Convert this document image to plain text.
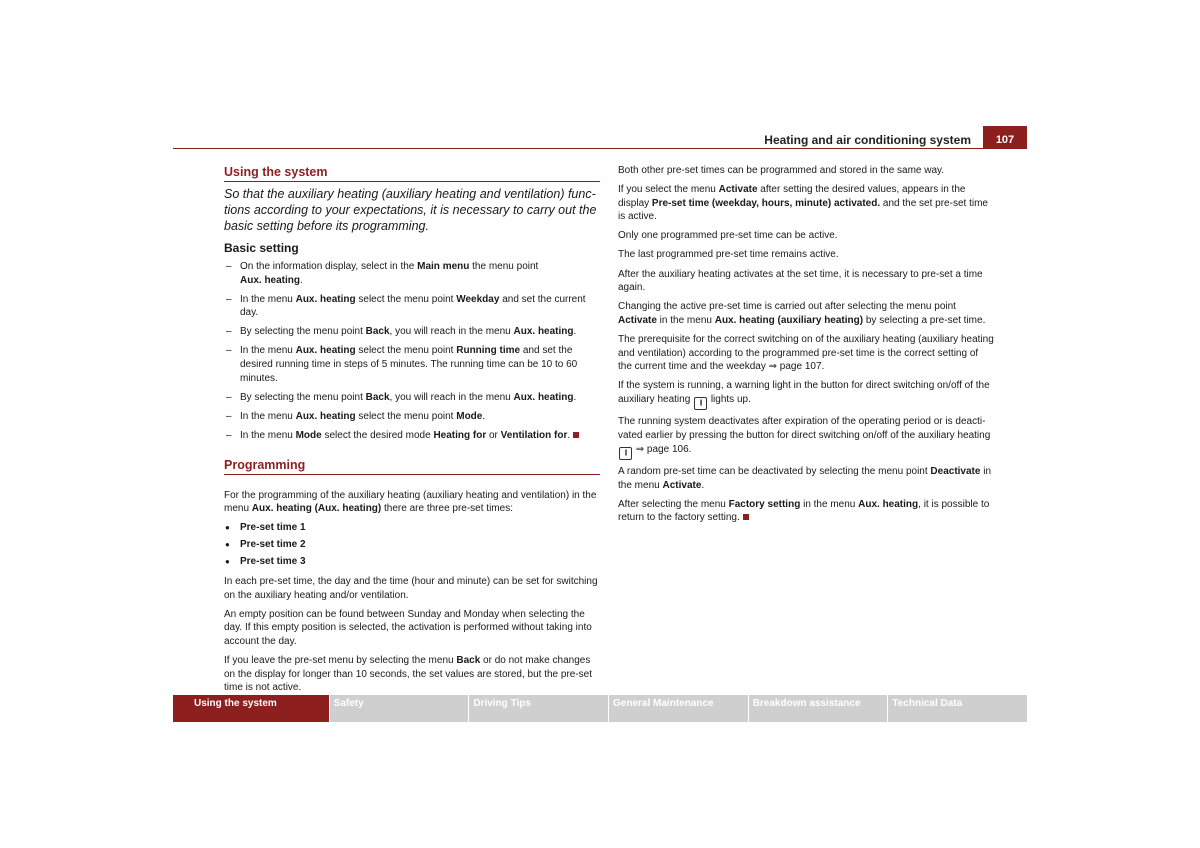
Heating and air conditioning system	107
Using the system
So that the auxiliary heating (auxiliary heating and ventilation) func-tions according to your expectations, it is necessary to carry out the basic setting before its programming.
Basic setting
– On the information display, select in the Main menu the menu point
Aux. heating.
– In the menu Aux. heating select the menu point Weekday and set the current day.
– By selecting the menu point Back, you will reach in the menu Aux. heating.
– In the menu Aux. heating select the menu point Running time and set the desired running time in steps of 5 minutes. The running time can be 10 to 60 minutes.
– By selecting the menu point Back, you will reach in the menu Aux. heating.
– In the menu Aux. heating select the menu point Mode.
– In the menu Mode select the desired mode Heating for or Ventilation for.
Programming

For the programming of the auxiliary heating (auxiliary heating and ventilation) in the menu Aux. heating (Aux. heating) there are three pre-set times:

● Pre-set time 1
● Pre-set time 2
● Pre-set time 3

In each pre-set time, the day and the time (hour and minute) can be set for switching on the auxiliary heating and/or ventilation.

An empty position can be found between Sunday and Monday when selecting the day. If this empty position is selected, the activation is performed without taking into account the day.

If you leave the pre-set menu by selecting the menu Back or do not make changes on the display for longer than 10 seconds, the set values are stored, but the pre-set time is not active.

Both other pre-set times can be programmed and stored in the same way.

If you select the menu Activate after setting the desired values, appears in the display Pre-set time (weekday, hours, minute) activated. and the set pre-set time is active.

Only one programmed pre-set time can be active.

The last programmed pre-set time remains active.

After the auxiliary heating activates at the set time, it is necessary to pre-set a time again.

Changing the active pre-set time is carried out after selecting the menu point Activate in the menu Aux. heating (auxiliary heating) by selecting a pre-set time.

The prerequisite for the correct switching on of the auxiliary heating (auxiliary heating and ventilation) according to the programmed pre-set time is the correct setting of the current time and the weekday ⇒ page 107.

If the system is running, a warning light in the button for direct switching on/off of the auxiliary heating ||| lights up.

The running system deactivates after expiration of the operating period or is deacti-vated earlier by pressing the button for direct switching on/off of the auxiliary heating ||| ⇒ page 106.

A random pre-set time can be deactivated by selecting the menu point Deactivate in the menu Activate.

After selecting the menu Factory setting in the menu Aux. heating, it is possible to return to the factory setting.

Using the system	Safety	Driving Tips	General Maintenance	Breakdown assistance	Technical Data
